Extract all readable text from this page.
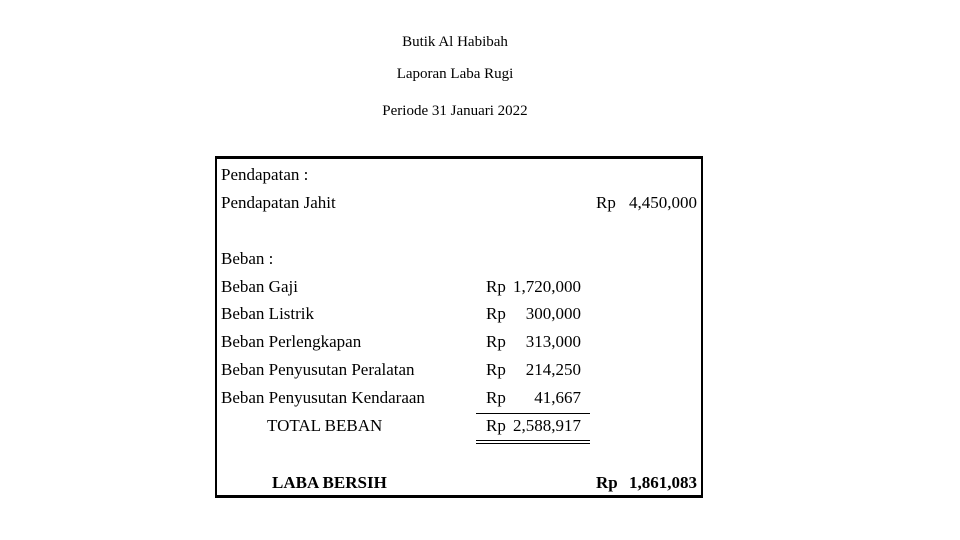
Butik Al Habibah
Laporan Laba Rugi
Periode 31 Januari 2022
Pendapatan :
Pendapatan Jahit	Rp 4,450,000
Beban :
Beban Gaji	Rp 1,720,000
Beban Listrik	Rp 300,000
Beban Perlengkapan	Rp 313,000
Beban Penyusutan Peralatan	Rp 214,250
Beban Penyusutan Kendaraan	Rp 41,667
TOTAL BEBAN	Rp 2,588,917
LABA BERSIH	Rp 1,861,083
